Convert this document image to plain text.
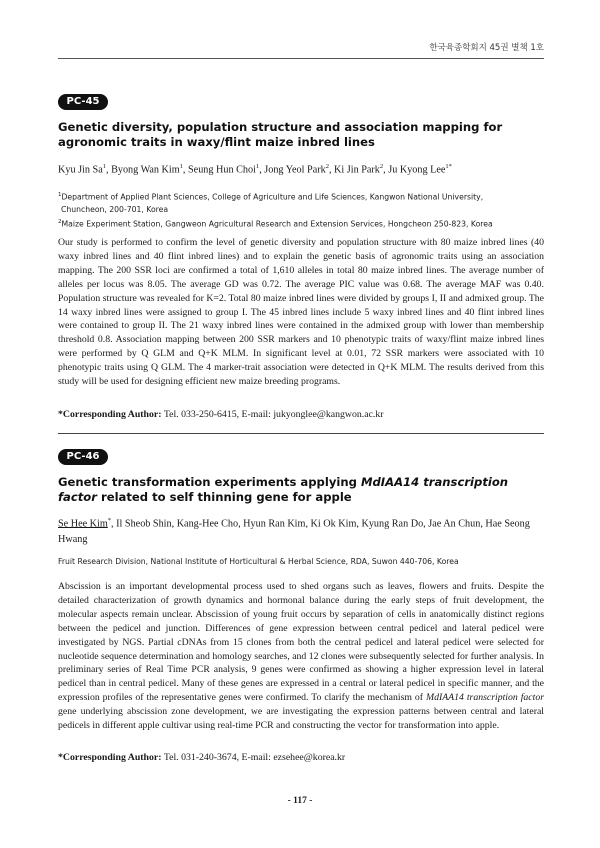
한국육종학회지 45권 별책 1호
PC-45
Genetic diversity, population structure and association mapping for agronomic traits in waxy/flint maize inbred lines
Kyu Jin Sa$^1$, Byong Wan Kim$^1$, Seung Hun Choi$^1$, Jong Yeol Park$^2$, Ki Jin Park$^2$, Ju Kyong Lee$^{1*}$
$^1$Department of Applied Plant Sciences, College of Agriculture and Life Sciences, Kangwon National University,
Chuncheon, 200-701, Korea
$^2$Maize Experiment Station, Gangweon Agricultural Research and Extension Services, Hongcheon 250-823, Korea

Our study is performed to confirm the level of genetic diversity and population structure with 80 maize inbred lines (40 waxy inbred lines and 40 flint inbred lines) and to explain the genetic basis of agronomic traits using an association mapping. The 200 SSR loci are confirmed a total of 1,610 alleles in total 80 maize inbred lines. The average number of alleles per locus was 8.05. The average GD was 0.72. The average PIC value was 0.68. The average MAF was 0.40. Population structure was revealed for K=2. Total 80 maize inbred lines were divided by groups I, II and admixed group. The 14 waxy inbred lines were assigned to group I. The 45 inbred lines include 5 waxy inbred lines and 40 flint inbred lines were contained to group II. The 21 waxy inbred lines were contained in the admixed group with lower than membership threshold 0.8. Association mapping between 200 SSR markers and 10 phenotypic traits of waxy/flint maize inbred lines were performed by Q GLM and Q+K MLM. In significant level at 0.01, 72 SSR markers were associated with 10 phenotypic traits using Q GLM. The 4 marker-trait association were detected in Q+K MLM. The results derived from this study will be used for designing efficient new maize breeding programs.

*Corresponding Author: Tel. 033-250-6415, E-mail: jukyonglee@kangwon.ac.kr
PC-46
Genetic transformation experiments applying MdIAA14 transcription factor related to self thinning gene for apple
Se Hee Kim*, Il Sheob Shin, Kang-Hee Cho, Hyun Ran Kim, Ki Ok Kim, Kyung Ran Do, Jae An Chun, Hae Seong Hwang
Fruit Research Division, National Institute of Horticultural & Herbal Science, RDA, Suwon 440-706, Korea

Abscission is an important developmental process used to shed organs such as leaves, flowers and fruits. Despite the detailed characterization of growth dynamics and hormonal balance during the early steps of fruit development, the molecular aspects remain unclear. Abscission of young fruit occurs by separation of cells in anatomically distinct regions between the pedicel and junction. Differences of gene expression between central pedicel and lateral pedicel were investigated by NGS. Partial cDNAs from 15 clones from both the central pedicel and lateral pedicel were selected for nucleotide sequence determination and homology searches, and 12 clones were subsequently selected for further analysis. In preliminary series of Real Time PCR analysis, 9 genes were confirmed as showing a higher expression level in lateral pedicel than in central pedicel. Many of these genes are expressed in a central or lateral pedicel in specific manner, and the expression profiles of the representative genes were confirmed. To clarify the mechanism of MdIAA14 transcription factor gene underlying abscission zone development, we are investigating the expression patterns between central and lateral pedicels in different apple cultivar using real-time PCR and constructing the vector for transformation into apple.

*Corresponding Author: Tel. 031-240-3674, E-mail: ezsehee@korea.kr
- 117 -
